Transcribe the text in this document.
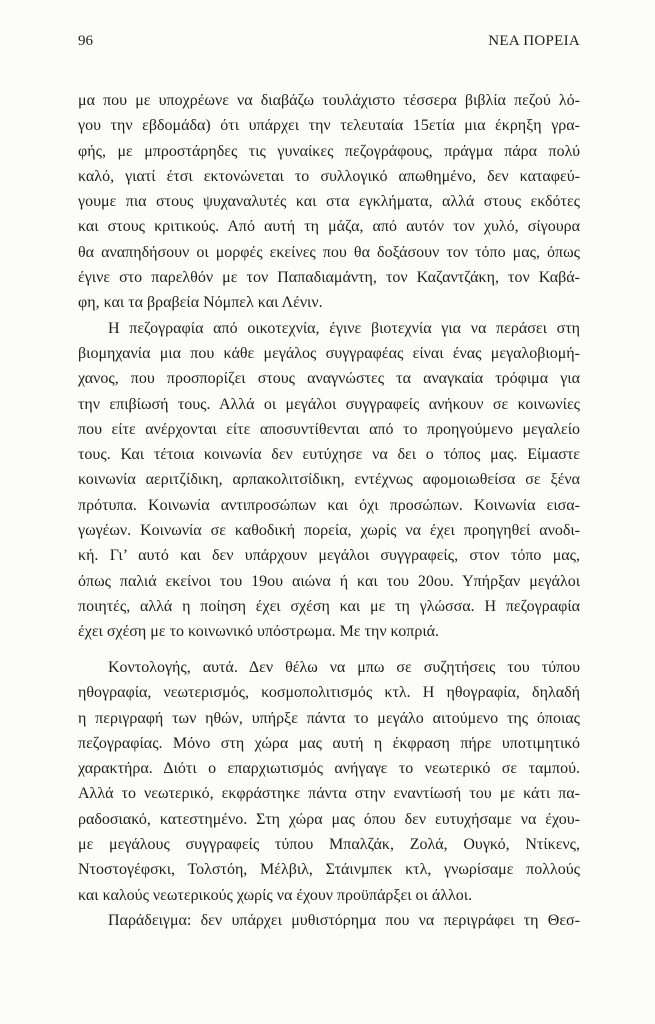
96	ΝΕΑ ΠΟΡΕΙΑ
μα που με υποχρέωνε να διαβάζω τουλάχιστο τέσσερα βιβλία πεζού λό-
γου την εβδομάδα) ότι υπάρχει την τελευταία 15ετία μια έκρηξη γρα-
φής, με μπροστάρηδες τις γυναίκες πεζογράφους, πράγμα πάρα πολύ
καλό, γιατί έτσι εκτονώνεται το συλλογικό απωθημένο, δεν καταφεύ-
γουμε πια στους ψυχαναλυτές και στα εγκλήματα, αλλά στους εκδότες
και στους κριτικούς. Από αυτή τη μάζα, από αυτόν τον χυλό, σίγουρα
θα αναπηδήσουν οι μορφές εκείνες που θα δοξάσουν τον τόπο μας, όπως
έγινε στο παρελθόν με τον Παπαδιαμάντη, τον Καζαντζάκη, τον Καβά-
φη, και τα βραβεία Νόμπελ και Λένιν.
Η πεζογραφία από οικοτεχνία, έγινε βιοτεχνία για να περάσει στη
βιομηχανία μια που κάθε μεγάλος συγγραφέας είναι ένας μεγαλοβιομή-
χανος, που προσπορίζει στους αναγνώστες τα αναγκαία τρόφιμα για
την επιβίωσή τους. Αλλά οι μεγάλοι συγγραφείς ανήκουν σε κοινωνίες
που είτε ανέρχονται είτε αποσυντίθενται από το προηγούμενο μεγαλείο
τους. Και τέτοια κοινωνία δεν ευτύχησε να δει ο τόπος μας. Είμαστε
κοινωνία αεριτζίδικη, αρπακολιτσίδικη, εντέχνως αφομοιωθείσα σε ξένα
πρότυπα. Κοινωνία αντιπροσώπων και όχι προσώπων. Κοινωνία εισα-
γωγέων. Κοινωνία σε καθοδική πορεία, χωρίς να έχει προηγηθεί ανοδι-
κή. Γι’ αυτό και δεν υπάρχουν μεγάλοι συγγραφείς, στον τόπο μας,
όπως παλιά εκείνοι του 19ου αιώνα ή και του 20ου. Υπήρξαν μεγάλοι
ποιητές, αλλά η ποίηση έχει σχέση και με τη γλώσσα. Η πεζογραφία
έχει σχέση με το κοινωνικό υπόστρωμα. Με την κοπριά.
Κοντολογής, αυτά. Δεν θέλω να μπω σε συζητήσεις του τύπου
ηθογραφία, νεωτερισμός, κοσμοπολιτισμός κτλ. Η ηθογραφία, δηλαδή
η περιγραφή των ηθών, υπήρξε πάντα το μεγάλο αιτούμενο της όποιας
πεζογραφίας. Μόνο στη χώρα μας αυτή η έκφραση πήρε υποτιμητικό
χαρακτήρα. Διότι ο επαρχιωτισμός ανήγαγε το νεωτερικό σε ταμπού.
Αλλά το νεωτερικό, εκφράστηκε πάντα στην εναντίωσή του με κάτι πα-
ραδοσιακό, κατεστημένο. Στη χώρα μας όπου δεν ευτυχήσαμε να έχου-
με μεγάλους συγγραφείς τύπου Μπαλζάκ, Ζολά, Ουγκό, Ντίκενς,
Ντοστογέφσκι, Τολστόη, Μέλβιλ, Στάινμπεκ κτλ, γνωρίσαμε πολλούς
και καλούς νεωτερικούς χωρίς να έχουν προϋπάρξει οι άλλοι.
Παράδειγμα: δεν υπάρχει μυθιστόρημα που να περιγράφει τη Θεσ-
